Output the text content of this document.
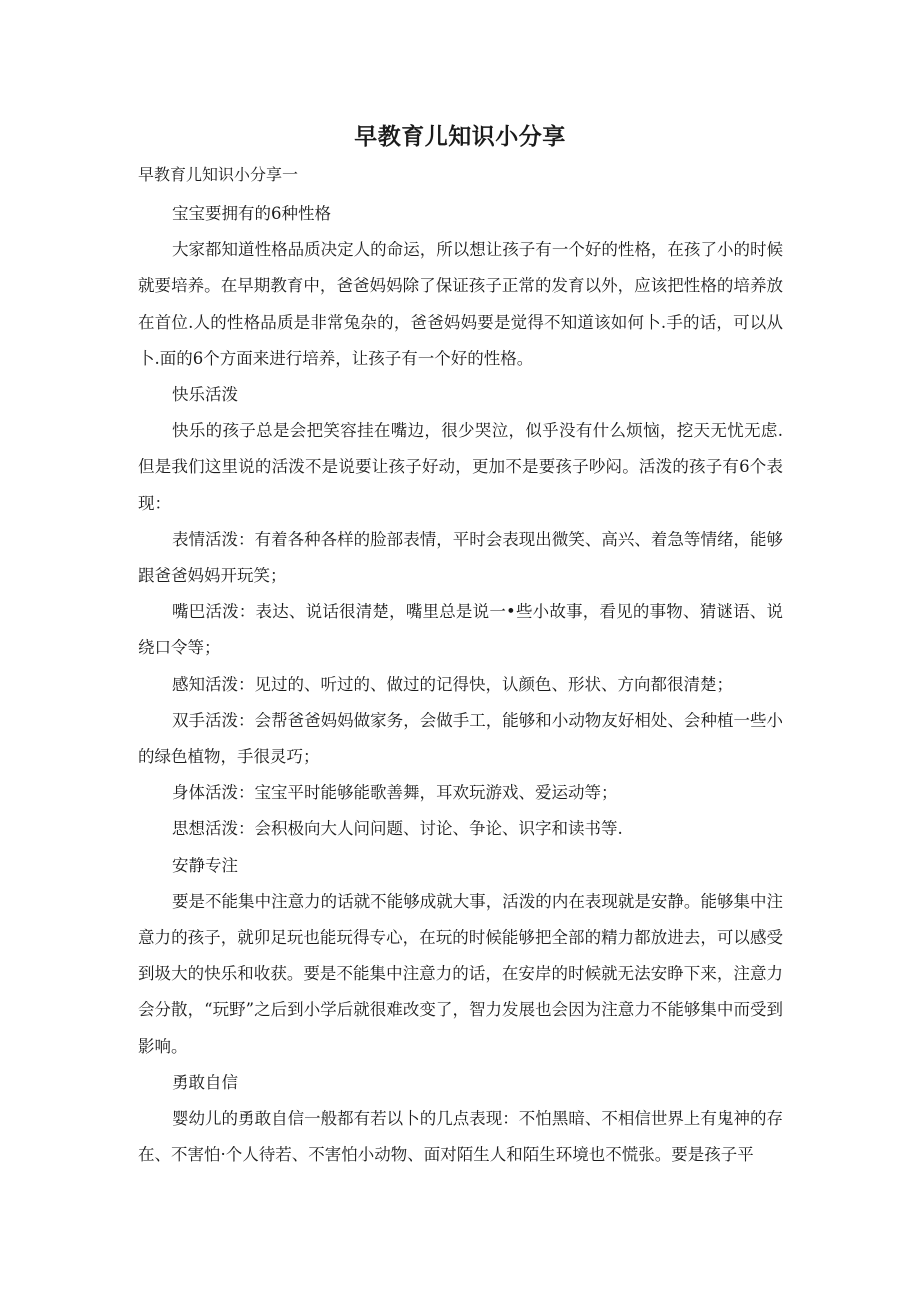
早教育儿知识小分享

早教育儿知识小分享一

宝宝要拥有的6种性格

大家都知道性格品质决定人的命运，所以想让孩子有一个好的性格，在孩了小的时候就要培养。在早期教育中，爸爸妈妈除了保证孩子正常的发育以外，应该把性格的培养放在首位.人的性格品质是非常兔杂的，爸爸妈妈要是觉得不知道该如何卜.手的话，可以从卜.面的6个方面来进行培养，让孩子有一个好的性格。

快乐活泼

快乐的孩子总是会把笑容挂在嘴边，很少哭泣，似乎没有什么烦恼，挖天无忧无虑.但是我们这里说的活泼不是说要让孩子好动，更加不是要孩子吵闷。活泼的孩子有6个表现：

表情活泼：有着各种各样的脸部表情，平时会表现出微笑、高兴、着急等情绪，能够跟爸爸妈妈开玩笑；

嘴巴活泼：表达、说话很清楚，嘴里总是说一•些小故事，看见的事物、猜谜语、说绕口令等；

感知活泼：见过的、听过的、做过的记得快，认颜色、形状、方向都很清楚；

双手活泼：会帮爸爸妈妈做家务，会做手工，能够和小动物友好相处、会种植一些小的绿色植物，手很灵巧；

身体活泼：宝宝平时能够能歌善舞，耳欢玩游戏、爱运动等；

思想活泼：会积极向大人问问题、讨论、争论、识字和读书等.

安静专注

要是不能集中注意力的话就不能够成就大事，活泼的内在表现就是安静。能够集中注意力的孩子，就卯足玩也能玩得专心，在玩的时候能够把全部的精力都放进去，可以感受到圾大的快乐和收获。要是不能集中注意力的话，在安岸的时候就无法安睁下来，注意力会分散，“玩野”之后到小学后就很难改变了，智力发展也会因为注意力不能够集中而受到影响。

勇敢自信

婴幼儿的勇敢自信一般都有若以卜的几点表现：不怕黑暗、不相信世界上有鬼神的存在、不害怕·个人待若、不害怕小动物、面对陌生人和陌生环境也不慌张。要是孩子平
